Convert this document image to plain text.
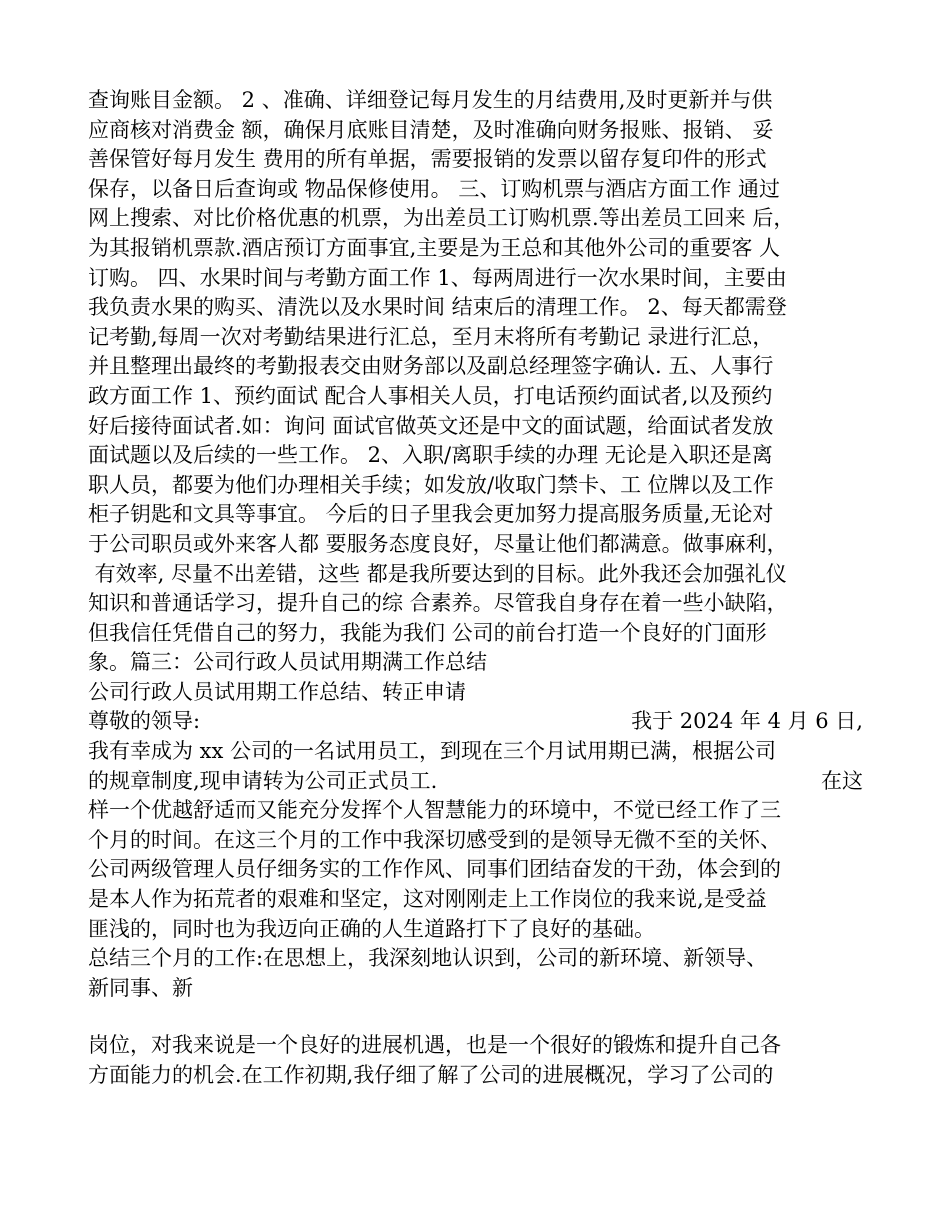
查询账目金额。 2 、准确、详细登记每月发生的月结费用,及时更新并与供
应商核对消费金 额，确保月底账目清楚，及时准确向财务报账、报销、 妥
善保管好每月发生 费用的所有单据，需要报销的发票以留存复印件的形式
保存，以备日后查询或 物品保修使用。 三、订购机票与酒店方面工作 通过
网上搜索、对比价格优惠的机票，为出差员工订购机票.等出差员工回来 后，
为其报销机票款.酒店预订方面事宜,主要是为王总和其他外公司的重要客 人
订购。 四、水果时间与考勤方面工作 1、每两周进行一次水果时间，主要由
我负责水果的购买、清洗以及水果时间 结束后的清理工作。 2、每天都需登
记考勤,每周一次对考勤结果进行汇总，至月末将所有考勤记 录进行汇总，
并且整理出最终的考勤报表交由财务部以及副总经理签字确认. 五、人事行
政方面工作 1、预约面试 配合人事相关人员，打电话预约面试者,以及预约
好后接待面试者.如：询问 面试官做英文还是中文的面试题，给面试者发放
面试题以及后续的一些工作。 2、入职/离职手续的办理 无论是入职还是离
职人员，都要为他们办理相关手续；如发放/收取门禁卡、工 位牌以及工作
柜子钥匙和文具等事宜。 今后的日子里我会更加努力提高服务质量,无论对
于公司职员或外来客人都 要服务态度良好，尽量让他们都满意。做事麻利，
有效率, 尽量不出差错，这些 都是我所要达到的目标。此外我还会加强礼仪
知识和普通话学习，提升自己的综 合素养。尽管我自身存在着一些小缺陷，
但我信任凭借自己的努力，我能为我们 公司的前台打造一个良好的门面形
象。篇三：公司行政人员试用期满工作总结
公司行政人员试用期工作总结、转正申请
尊敬的领导:	我于 2024 年 4 月 6 日,
我有幸成为 xx 公司的一名试用员工，到现在三个月试用期已满，根据公司
的规章制度,现申请转为公司正式员工.	在这
样一个优越舒适而又能充分发挥个人智慧能力的环境中，不觉已经工作了三
个月的时间。在这三个月的工作中我深切感受到的是领导无微不至的关怀、
公司两级管理人员仔细务实的工作作风、同事们团结奋发的干劲，体会到的
是本人作为拓荒者的艰难和坚定，这对刚刚走上工作岗位的我来说,是受益
匪浅的，同时也为我迈向正确的人生道路打下了良好的基础。
总结三个月的工作:在思想上，我深刻地认识到，公司的新环境、新领导、
新同事、新
岗位，对我来说是一个良好的进展机遇，也是一个很好的锻炼和提升自己各
方面能力的机会.在工作初期,我仔细了解了公司的进展概况，学习了公司的
